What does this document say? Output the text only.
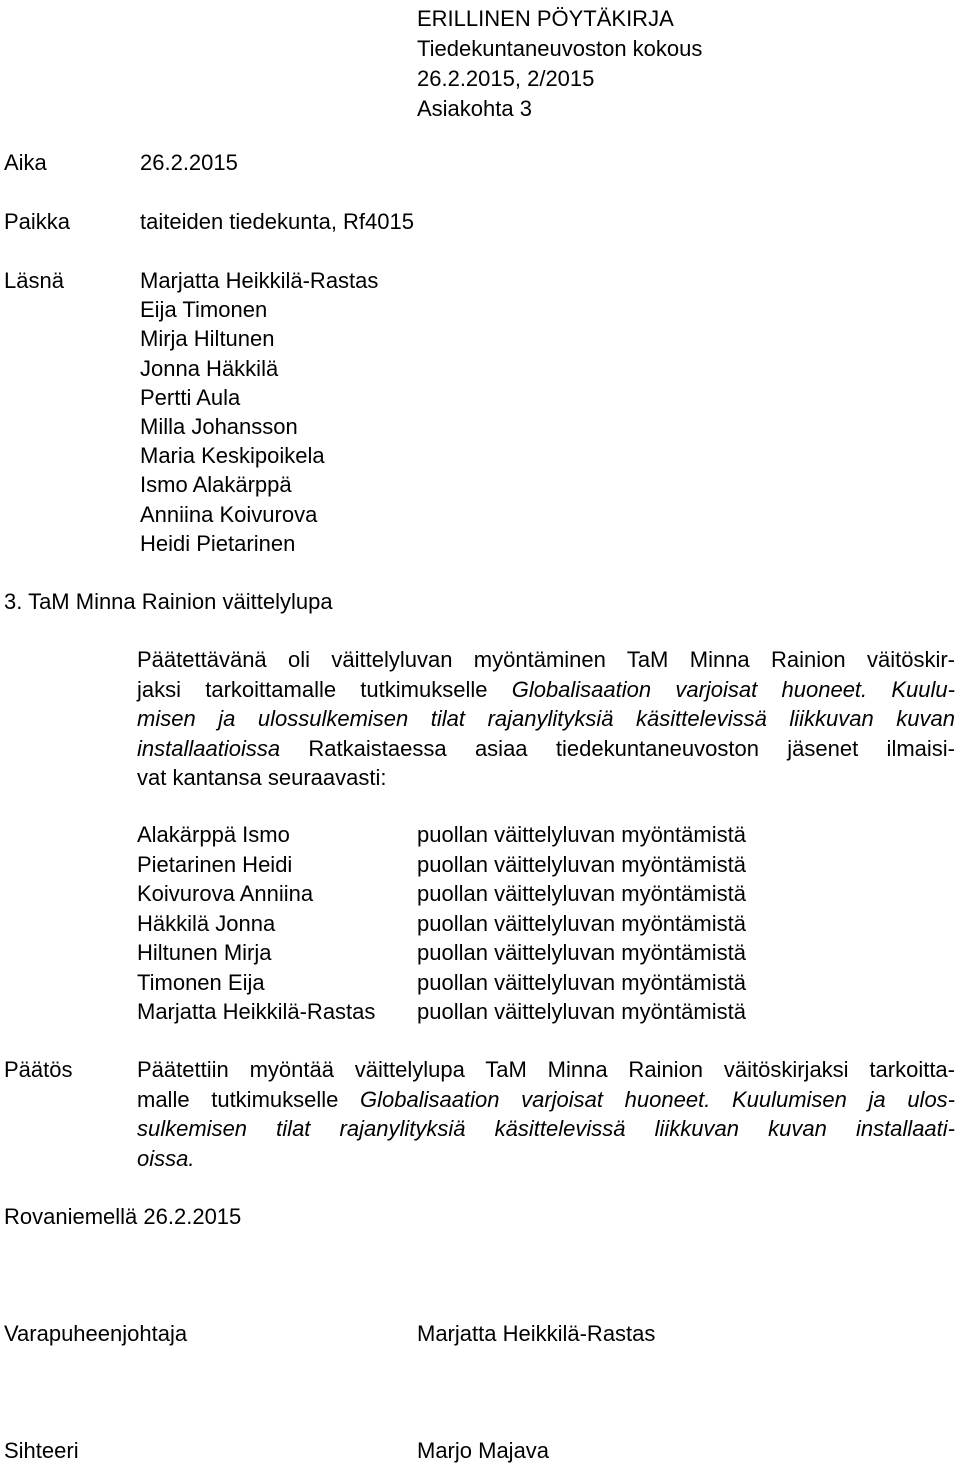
ERILLINEN PÖYTÄKIRJA
Tiedekuntaneuvoston kokous
26.2.2015, 2/2015
Asiakohta 3
Aika	26.2.2015
Paikka	taiteiden tiedekunta, Rf4015
Läsnä	Marjatta Heikkilä-Rastas
Eija Timonen
Mirja Hiltunen
Jonna Häkkilä
Pertti Aula
Milla Johansson
Maria Keskipoikela
Ismo Alakärppä
Anniina Koivurova
Heidi Pietarinen
3. TaM Minna Rainion väittelylupa
Päätettävänä oli väittelyluvan myöntäminen TaM Minna Rainion väitöskir-
jaksi tarkoittamalle tutkimukselle Globalisaation varjoisat huoneet. Kuulu-
misen ja ulossulkemisen tilat rajanylityksiä käsittelevissä liikkuvan kuvan
installaatioissa Ratkaistaessa asiaa tiedekuntaneuvoston jäsenet ilmaisi-
vat kantansa seuraavasti:
Alakärppä Ismo	puollan väittelyluvan myöntämistä
Pietarinen Heidi	puollan väittelyluvan myöntämistä
Koivurova Anniina	puollan väittelyluvan myöntämistä
Häkkilä Jonna	puollan väittelyluvan myöntämistä
Hiltunen Mirja	puollan väittelyluvan myöntämistä
Timonen Eija	puollan väittelyluvan myöntämistä
Marjatta Heikkilä-Rastas	puollan väittelyluvan myöntämistä
Päätös	Päätettiin myöntää väittelylupa TaM Minna Rainion väitöskirjaksi tarkoitta-
malle tutkimukselle Globalisaation varjoisat huoneet. Kuulumisen ja ulos-
sulkemisen tilat rajanylityksiä käsittelevissä liikkuvan kuvan installaati-
oissa.
Rovaniemellä 26.2.2015
Varapuheenjohtaja	Marjatta Heikkilä-Rastas
Sihteeri	Marjo Majava
